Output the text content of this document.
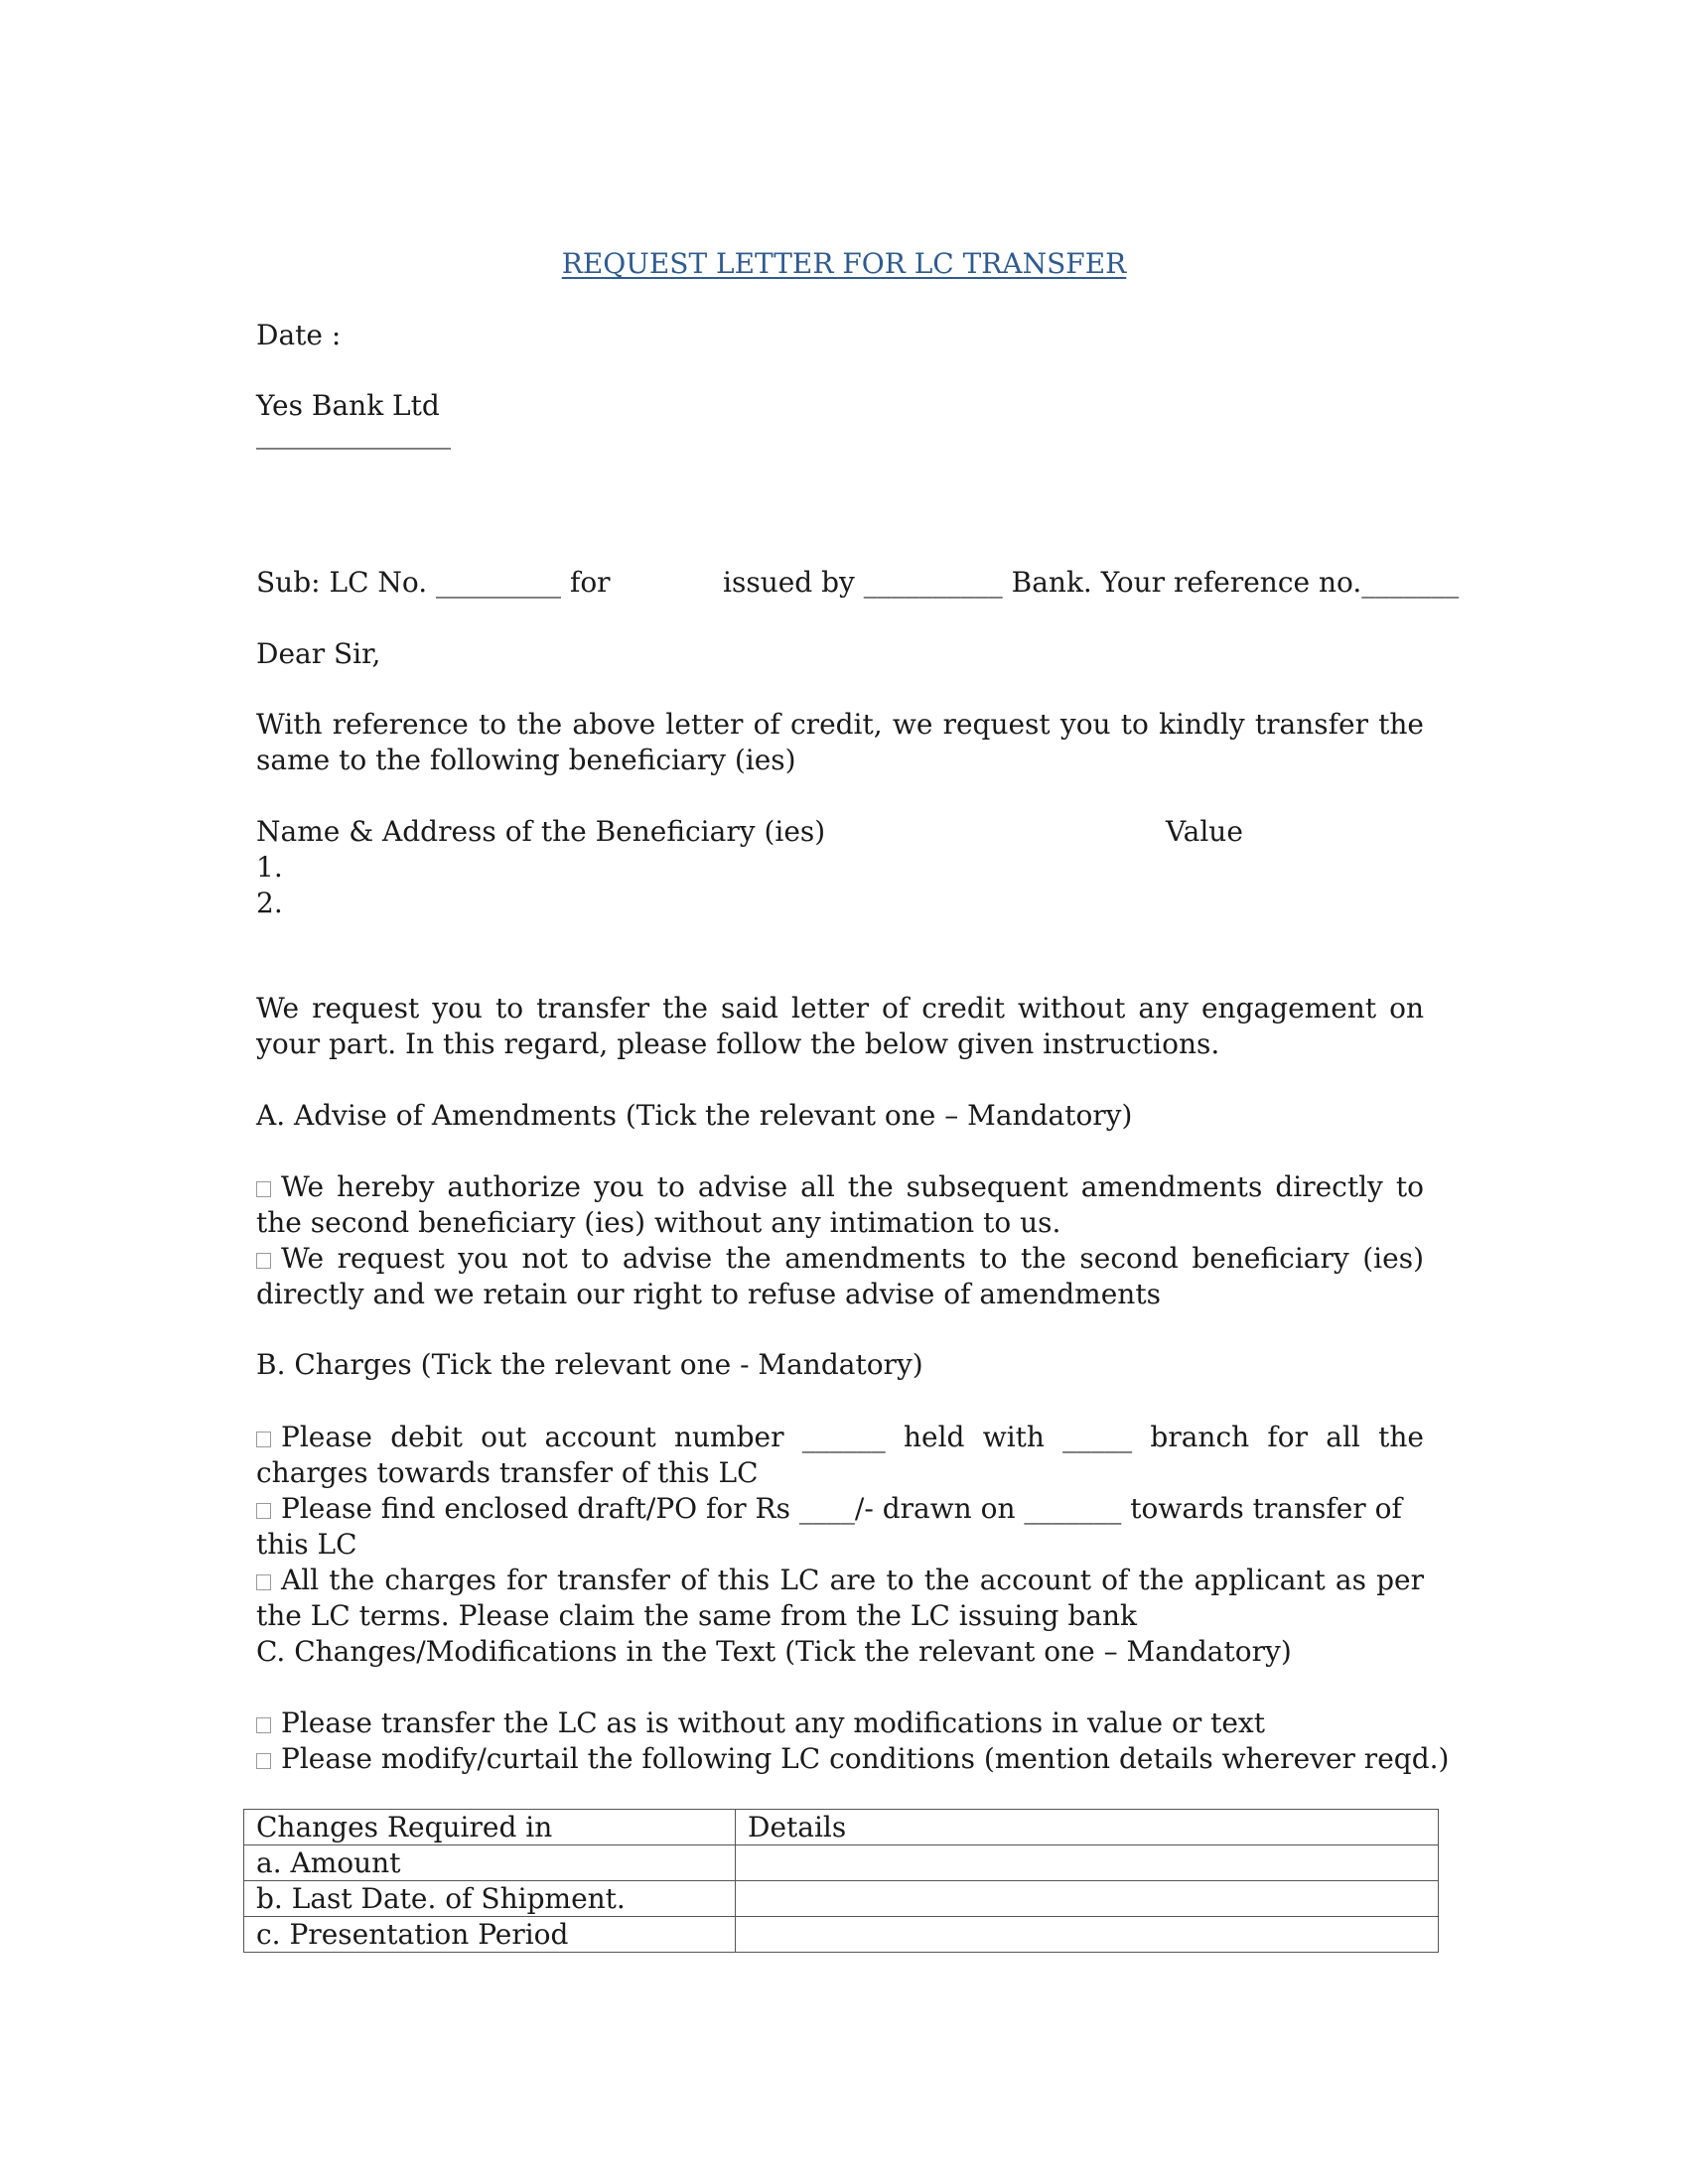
REQUEST LETTER FOR LC TRANSFER
Date :
Yes Bank Ltd
______________
Sub: LC No. _________ for	issued by __________ Bank. Your reference no._______
Dear Sir,
With reference to the above letter of credit, we request you to kindly transfer the same to the following beneficiary (ies)
Name & Address of the Beneficiary (ies)	Value
1.
2.
We request you to transfer the said letter of credit without any engagement on your part. In this regard, please follow the below given instructions.
A. Advise of Amendments (Tick the relevant one – Mandatory)

We hereby authorize you to advise all the subsequent amendments directly to the second beneficiary (ies) without any intimation to us.

We request you not to advise the amendments to the second beneficiary (ies) directly and we retain our right to refuse advise of amendments

B. Charges (Tick the relevant one - Mandatory)

Please debit out account number ______ held with _____ branch for all the charges towards transfer of this LC

Please find enclosed draft/PO for Rs ____/- drawn on _______ towards transfer of this LC

All the charges for transfer of this LC are to the account of the applicant as per the LC terms. Please claim the same from the LC issuing bank

C. Changes/Modifications in the Text (Tick the relevant one – Mandatory)

Please transfer the LC as is without any modifications in value or text

Please modify/curtail the following LC conditions (mention details wherever reqd.)

Changes Required in	Details
a. Amount	
b. Last Date. of Shipment.	
c. Presentation Period	
